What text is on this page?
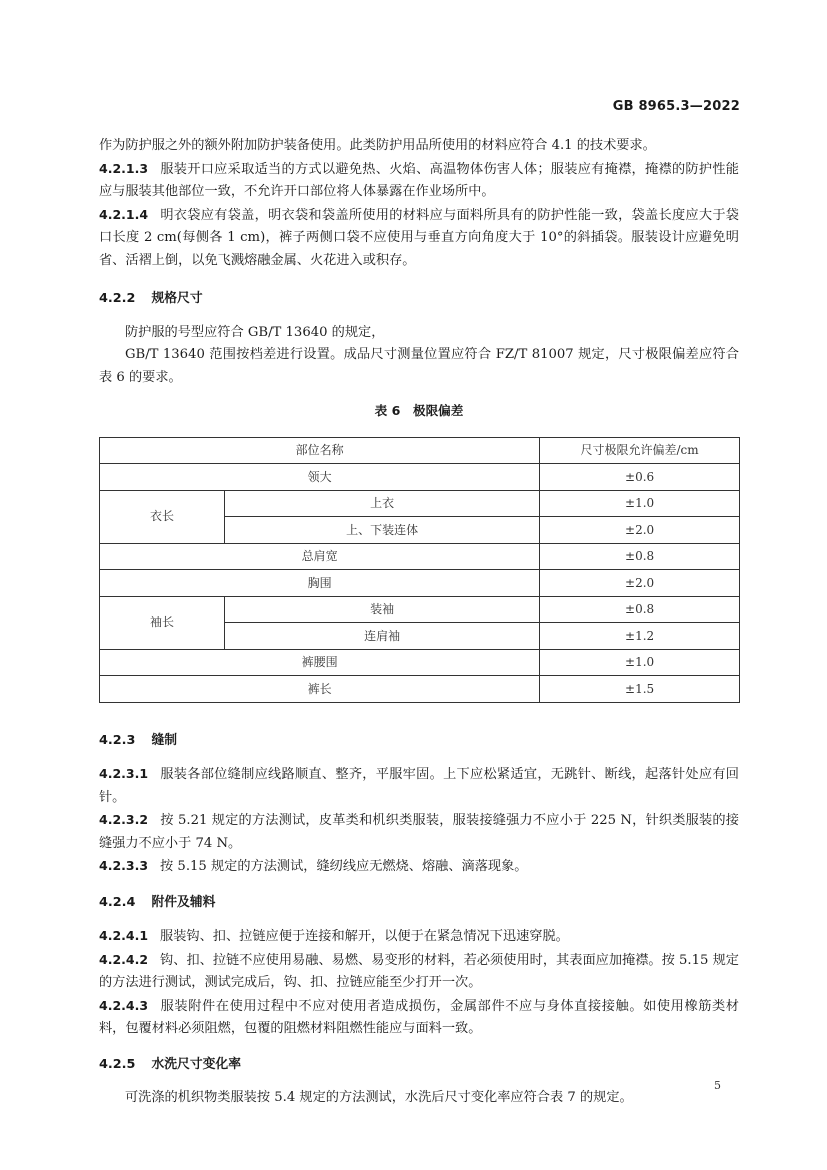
GB 8965.3—2022

作为防护服之外的额外附加防护装备使用。此类防护用品所使用的材料应符合 4.1 的技术要求。

4.2.1.3 服装开口应采取适当的方式以避免热、火焰、高温物体伤害人体；服装应有掩襟，掩襟的防护性能应与服装其他部位一致，不允许开口部位将人体暴露在作业场所中。

4.2.1.4 明衣袋应有袋盖，明衣袋和袋盖所使用的材料应与面料所具有的防护性能一致，袋盖长度应大于袋口长度 2 cm(每侧各 1 cm)，裤子两侧口袋不应使用与垂直方向角度大于 10°的斜插袋。服装设计应避免明省、活褶上倒，以免飞溅熔融金属、火花进入或积存。

4.2.2 规格尺寸

防护服的号型应符合 GB/T 13640 的规定，

GB/T 13640 范围按档差进行设置。成品尺寸测量位置应符合 FZ/T 81007 规定，尺寸极限偏差应符合表 6 的要求。

表 6　极限偏差

部位名称		尺寸极限允许偏差/cm
领大		±0.6
衣长	上衣	±1.0
	上、下装连体	±2.0
总肩宽		±0.8
胸围		±2.0
袖长	装袖	±0.8
	连肩袖	±1.2
裤腰围		±1.0
裤长		±1.5

4.2.3 缝制

4.2.3.1 服装各部位缝制应线路顺直、整齐，平服牢固。上下应松紧适宜，无跳针、断线，起落针处应有回针。

4.2.3.2 按 5.21 规定的方法测试，皮革类和机织类服装，服装接缝强力不应小于 225 N，针织类服装的接缝强力不应小于 74 N。

4.2.3.3 按 5.15 规定的方法测试，缝纫线应无燃烧、熔融、滴落现象。

4.2.4 附件及辅料

4.2.4.1 服装钩、扣、拉链应便于连接和解开，以便于在紧急情况下迅速穿脱。

4.2.4.2 钩、扣、拉链不应使用易融、易燃、易变形的材料，若必须使用时，其表面应加掩襟。按 5.15 规定的方法进行测试，测试完成后，钩、扣、拉链应能至少打开一次。

4.2.4.3 服装附件在使用过程中不应对使用者造成损伤，金属部件不应与身体直接接触。如使用橡筋类材料，包覆材料必须阻燃，包覆的阻燃材料阻燃性能应与面料一致。

4.2.5 水洗尺寸变化率

可洗涤的机织物类服装按 5.4 规定的方法测试，水洗后尺寸变化率应符合表 7 的规定。

5
